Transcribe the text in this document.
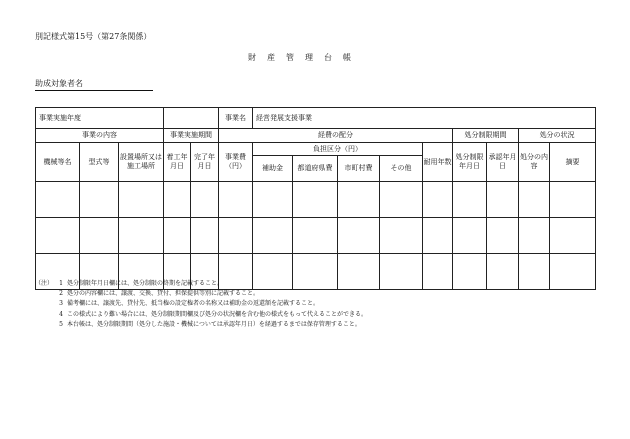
別記様式第15号（第27条関係）
財産管理台帳
助成対象者名
事業実施年度					事業名	経営発展支援事業								
事業の内容			事業実施期間		経費の配分						処分制限期間		処分の状況	
機械等名	型式等	設置場所又は施工場所	着工年月日	完了年月日	事業費（円）	負担区分（円）				耐用年数	処分制限年月日	承認年月日	処分の内容	摘要
						補助金	都道府県費	市町村費	その他					

（注）	1 処分制限年月日欄には、処分制限の終期を記載すること。
2 処分の内容欄には、譲渡、交換、貸付、担保提供等別に記載すること。
3 備考欄には、譲渡先、貸付先、抵当権の設定権者の名称又は補助金の返還額を記載すること。
4 この様式により難い場合には、処分制限期間欄及び処分の状況欄を含む他の様式をもって代えることができる。
5 本台帳は、処分制限期間（処分した施設・機械については承認年月日）を経過するまでは保存管理すること。
